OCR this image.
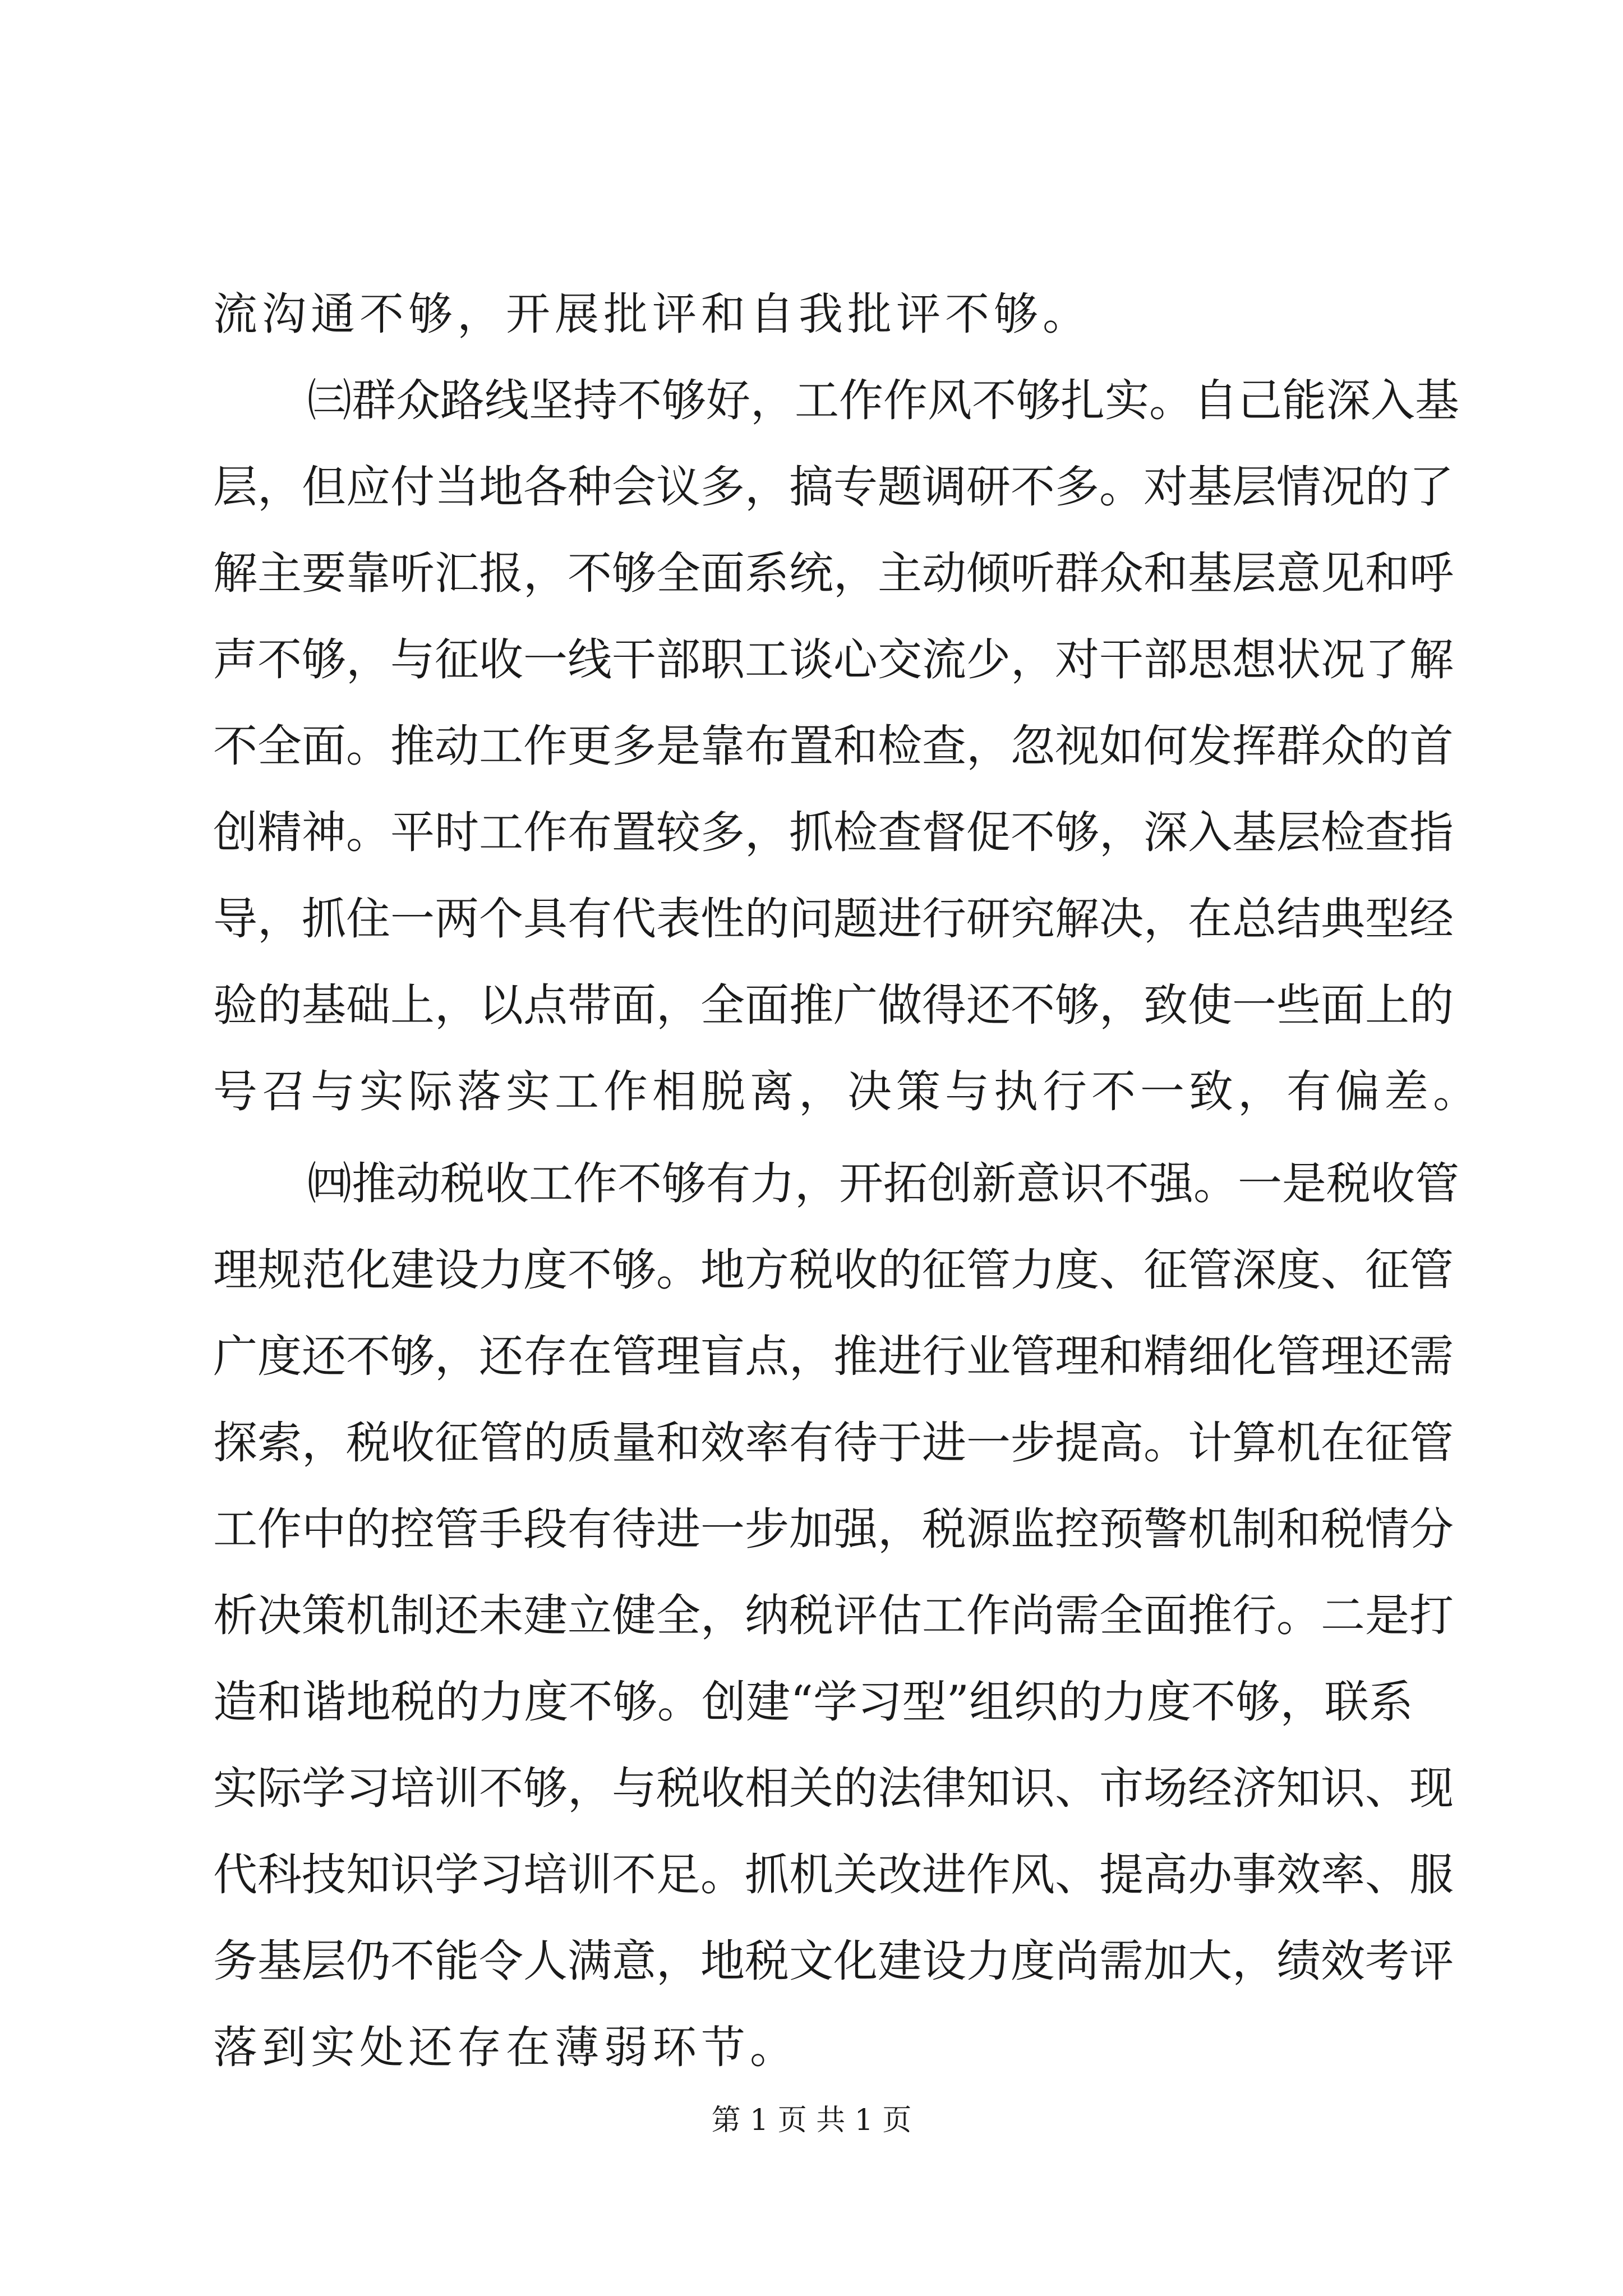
流 沟 通 不 够 ， 开 展 批 评 和 自 我 批 评 不 够 。
㈢ 群 众 路 线 坚 持 不 够 好 ， 工 作 作 风 不 够 扎 实 。 自 己 能 深 入 基
层 ， 但 应 付 当 地 各 种 会 议 多 ， 搞 专 题 调 研 不 多 。 对 基 层 情 况 的 了
解 主 要 靠 听 汇 报 ， 不 够 全 面 系 统 ， 主 动 倾 听 群 众 和 基 层 意 见 和 呼
声 不 够 ， 与 征 收 一 线 干 部 职 工 谈 心 交 流 少 ， 对 干 部 思 想 状 况 了 解
不 全 面 。 推 动 工 作 更 多 是 靠 布 置 和 检 查 ， 忽 视 如 何 发 挥 群 众 的 首
创 精 神 。 平 时 工 作 布 置 较 多 ， 抓 检 查 督 促 不 够 ， 深 入 基 层 检 查 指
导 ， 抓 住 一 两 个 具 有 代 表 性 的 问 题 进 行 研 究 解 决 ， 在 总 结 典 型 经
验 的 基 础 上 ， 以 点 带 面 ， 全 面 推 广 做 得 还 不 够 ， 致 使 一 些 面 上 的
号 召 与 实 际 落 实 工 作 相 脱 离 ， 决 策 与 执 行 不 一 致 ， 有 偏 差 。
㈣ 推 动 税 收 工 作 不 够 有 力 ， 开 拓 创 新 意 识 不 强 。 一 是 税 收 管
理 规 范 化 建 设 力 度 不 够 。 地 方 税 收 的 征 管 力 度 、 征 管 深 度 、 征 管
广 度 还 不 够 ， 还 存 在 管 理 盲 点 ， 推 进 行 业 管 理 和 精 细 化 管 理 还 需
探 索 ， 税 收 征 管 的 质 量 和 效 率 有 待 于 进 一 步 提 高 。 计 算 机 在 征 管
工 作 中 的 控 管 手 段 有 待 进 一 步 加 强 ， 税 源 监 控 预 警 机 制 和 税 情 分
析 决 策 机 制 还 未 建 立 健 全 ， 纳 税 评 估 工 作 尚 需 全 面 推 行 。 二 是 打
造 和 谐 地 税 的 力 度 不 够 。 创 建 “ 学 习 型 ” 组 织 的 力 度 不 够 ， 联 系
实 际 学 习 培 训 不 够 ， 与 税 收 相 关 的 法 律 知 识 、 市 场 经 济 知 识 、 现
代 科 技 知 识 学 习 培 训 不 足 。 抓 机 关 改 进 作 风 、 提 高 办 事 效 率 、 服
务 基 层 仍 不 能 令 人 满 意 ， 地 税 文 化 建 设 力 度 尚 需 加 大 ， 绩 效 考 评
落 到 实 处 还 存 在 薄 弱 环 节 。
第 1 页 共 1 页
